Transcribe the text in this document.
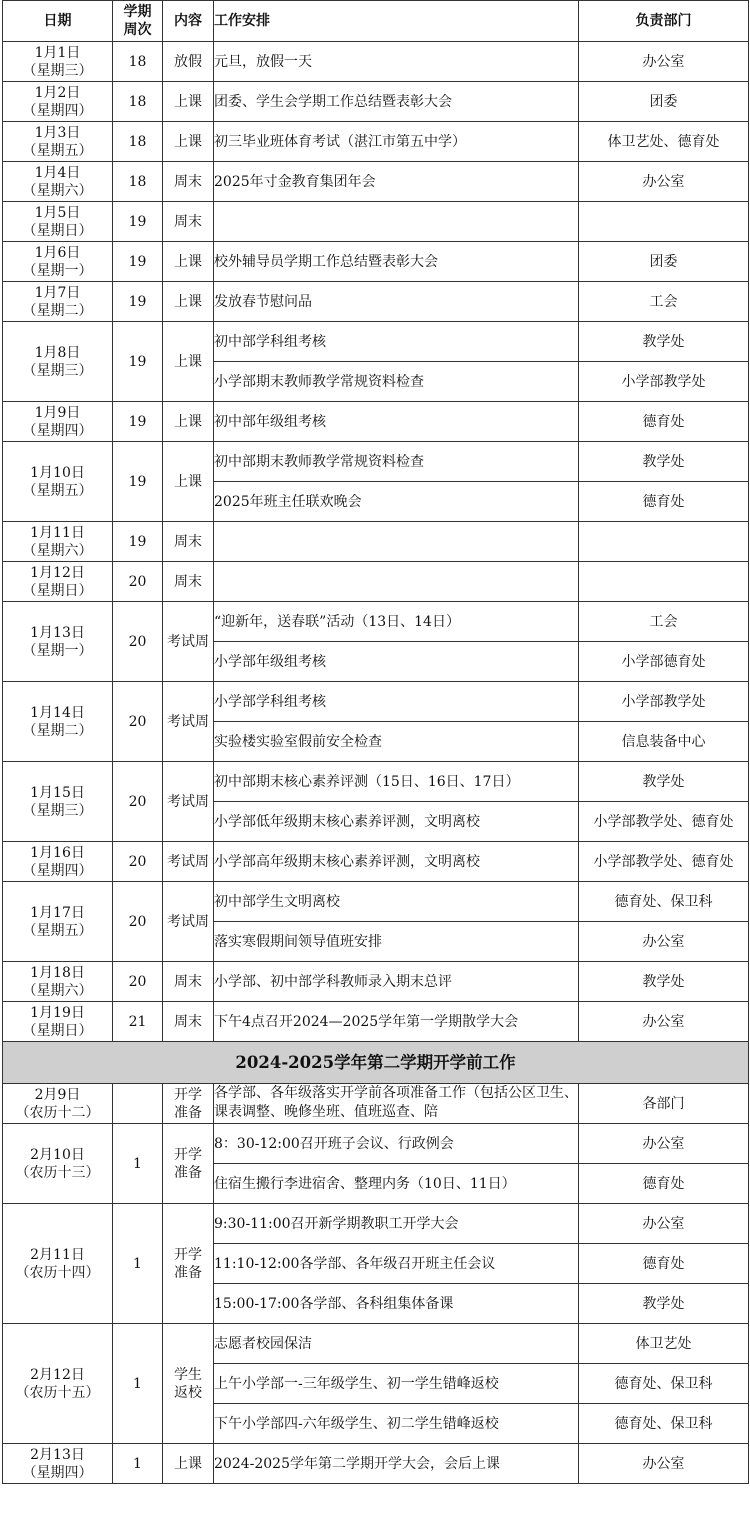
日期	学期
周次	内容	工作安排	负责部门

1月1日
（星期三）	18	放假	元旦，放假一天	办公室

1月2日
（星期四）	18	上课	团委、学生会学期工作总结暨表彰大会	团委

1月3日
（星期五）	18	上课	初三毕业班体育考试（湛江市第五中学）	体卫艺处、德育处

1月4日
（星期六）	18	周末	2025年寸金教育集团年会	办公室

1月5日
（星期日）	19	周末		

1月6日
（星期一）	19	上课	校外辅导员学期工作总结暨表彰大会	团委

1月7日
（星期二）	19	上课	发放春节慰问品	工会

1月8日
（星期三）	19	上课	初中部学科组考核	教学处
			小学部期末教师教学常规资料检查	小学部教学处

1月9日
（星期四）	19	上课	初中部年级组考核	德育处

1月10日
（星期五）	19	上课	初中部期末教师教学常规资料检查	教学处
			2025年班主任联欢晚会	德育处

1月11日
（星期六）	19	周末		

1月12日
（星期日）	20	周末		

1月13日
（星期一）	20	考试周	“迎新年，送春联”活动（13日、14日）	工会
			小学部年级组考核	小学部德育处

1月14日
（星期二）	20	考试周	小学部学科组考核	小学部教学处
			实验楼实验室假前安全检查	信息装备中心

1月15日
（星期三）	20	考试周	初中部期末核心素养评测（15日、16日、17日）	教学处
			小学部低年级期末核心素养评测，文明离校	小学部教学处、德育处

1月16日
（星期四）	20	考试周	小学部高年级期末核心素养评测，文明离校	小学部教学处、德育处

1月17日
（星期五）	20	考试周	初中部学生文明离校	德育处、保卫科
			落实寒假期间领导值班安排	办公室

1月18日
（星期六）	20	周末	小学部、初中部学科教师录入期末总评	教学处

1月19日
（星期日）	21	周末	下午4点召开2024—2025学年第一学期散学大会	办公室
2024-2025学年第二学期开学前工作				

2月9日
（农历十二）		开学
准备	各学部、各年级落实开学前各项准备工作（包括公区卫生、课表调整、晚修坐班、值班巡查、陪	各部门

2月10日
（农历十三）	1	开学
准备	8：30-12:00召开班子会议、行政例会	办公室
			住宿生搬行李进宿舍、整理内务（10日、11日）	德育处

2月11日
（农历十四）	1	开学
准备	9:30-11:00召开新学期教职工开学大会	办公室
			11:10-12:00各学部、各年级召开班主任会议	德育处
			15:00-17:00各学部、各科组集体备课	教学处

2月12日
（农历十五）	1	学生
返校	志愿者校园保洁	体卫艺处
			上午小学部一-三年级学生、初一学生错峰返校	德育处、保卫科
			下午小学部四-六年级学生、初二学生错峰返校	德育处、保卫科

2月13日
（星期四）	1	上课	2024-2025学年第二学期开学大会，会后上课	办公室
